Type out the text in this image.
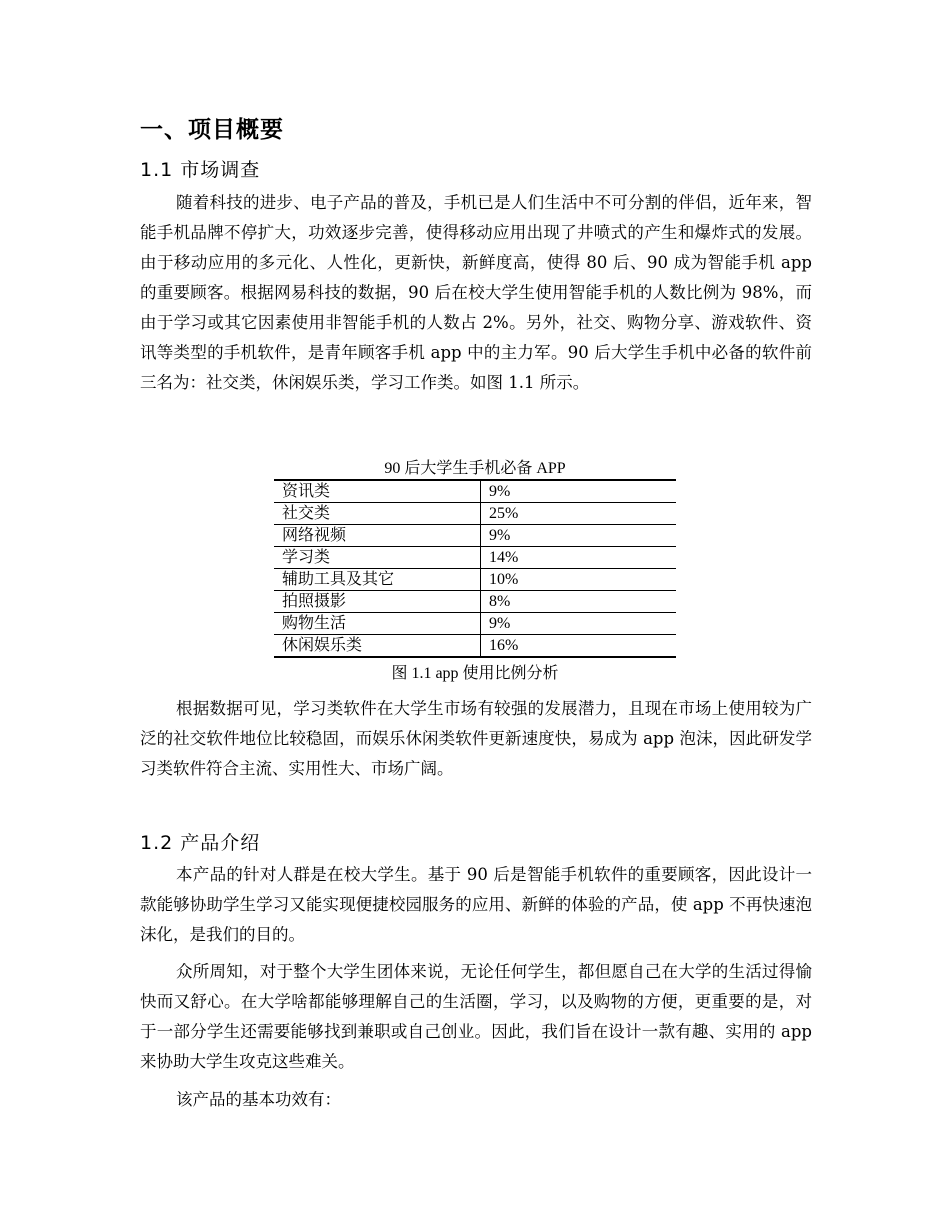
一、项目概要
1.1 市场调查

随着科技的进步、电子产品的普及，手机已是人们生活中不可分割的伴侣，近年来，智能手机品牌不停扩大，功效逐步完善，使得移动应用出现了井喷式的产生和爆炸式的发展。由于移动应用的多元化、人性化，更新快，新鲜度高，使得 80 后、90 成为智能手机 app 的重要顾客。根据网易科技的数据，90 后在校大学生使用智能手机的人数比例为 98%，而由于学习或其它因素使用非智能手机的人数占 2%。另外，社交、购物分享、游戏软件、资讯等类型的手机软件，是青年顾客手机 app 中的主力军。90 后大学生手机中必备的软件前三名为：社交类，休闲娱乐类，学习工作类。如图 1.1 所示。

90 后大学生手机必备 APP
资讯类	9%
社交类	25%
网络视频	9%
学习类	14%
辅助工具及其它	10%
拍照摄影	8%
购物生活	9%
休闲娱乐类	16%
图 1.1 app 使用比例分析

根据数据可见，学习类软件在大学生市场有较强的发展潜力，且现在市场上使用较为广泛的社交软件地位比较稳固，而娱乐休闲类软件更新速度快，易成为 app 泡沫，因此研发学习类软件符合主流、实用性大、市场广阔。

1.2 产品介绍

本产品的针对人群是在校大学生。基于 90 后是智能手机软件的重要顾客，因此设计一款能够协助学生学习又能实现便捷校园服务的应用、新鲜的体验的产品，使 app 不再快速泡沫化，是我们的目的。

众所周知，对于整个大学生团体来说，无论任何学生，都但愿自己在大学的生活过得愉快而又舒心。在大学啥都能够理解自己的生活圈，学习，以及购物的方便，更重要的是，对于一部分学生还需要能够找到兼职或自己创业。因此，我们旨在设计一款有趣、实用的 app 来协助大学生攻克这些难关。

该产品的基本功效有：
